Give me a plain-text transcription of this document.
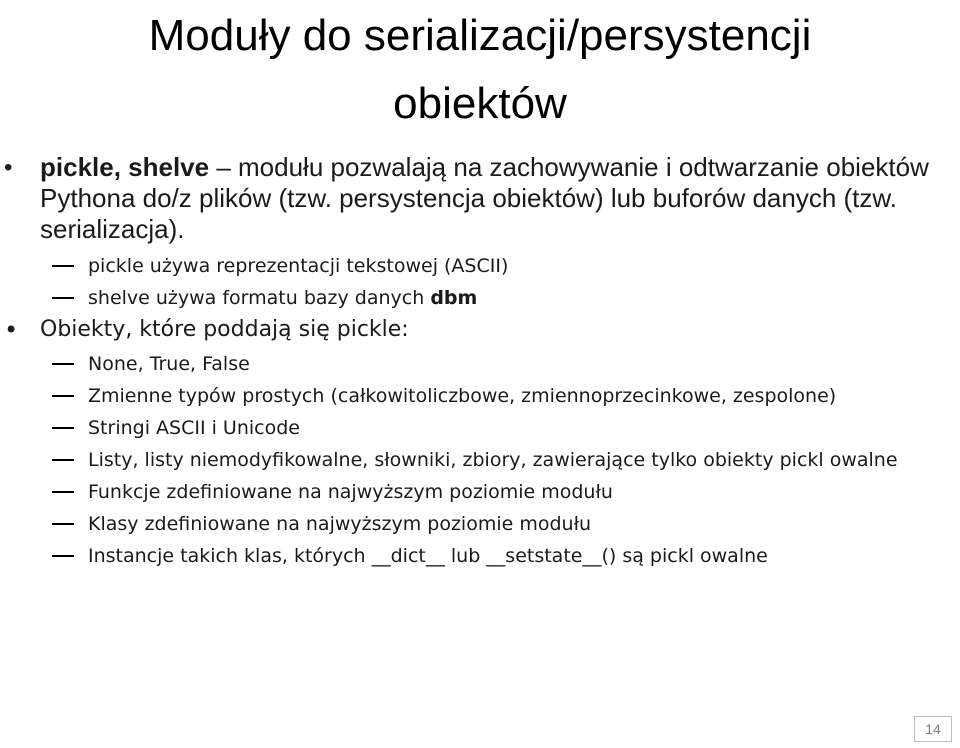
Moduły do serializacji/persystencji
obiektów
• pickle, shelve – modułu pozwalają na zachowywanie i odtwarzanie obiektów Pythona do/z plików (tzw. persystencja obiektów) lub buforów danych (tzw. serializacja).
pickle używa reprezentacji tekstowej (ASCII)
shelve używa formatu bazy danych dbm
• Obiekty, które poddają się pickle:
None, True, False
Zmienne typów prostych (całkowitoliczbowe, zmiennoprzecinkowe, zespolone)
Stringi ASCII i Unicode
Listy, listy niemodyfikowalne, słowniki, zbiory, zawierające tylko obiekty pickl owalne
Funkcje zdefiniowane na najwyższym poziomie modułu
Klasy zdefiniowane na najwyższym poziomie modułu
Instancje takich klas, których __dict__ lub __setstate__() są pickl owalne
14
